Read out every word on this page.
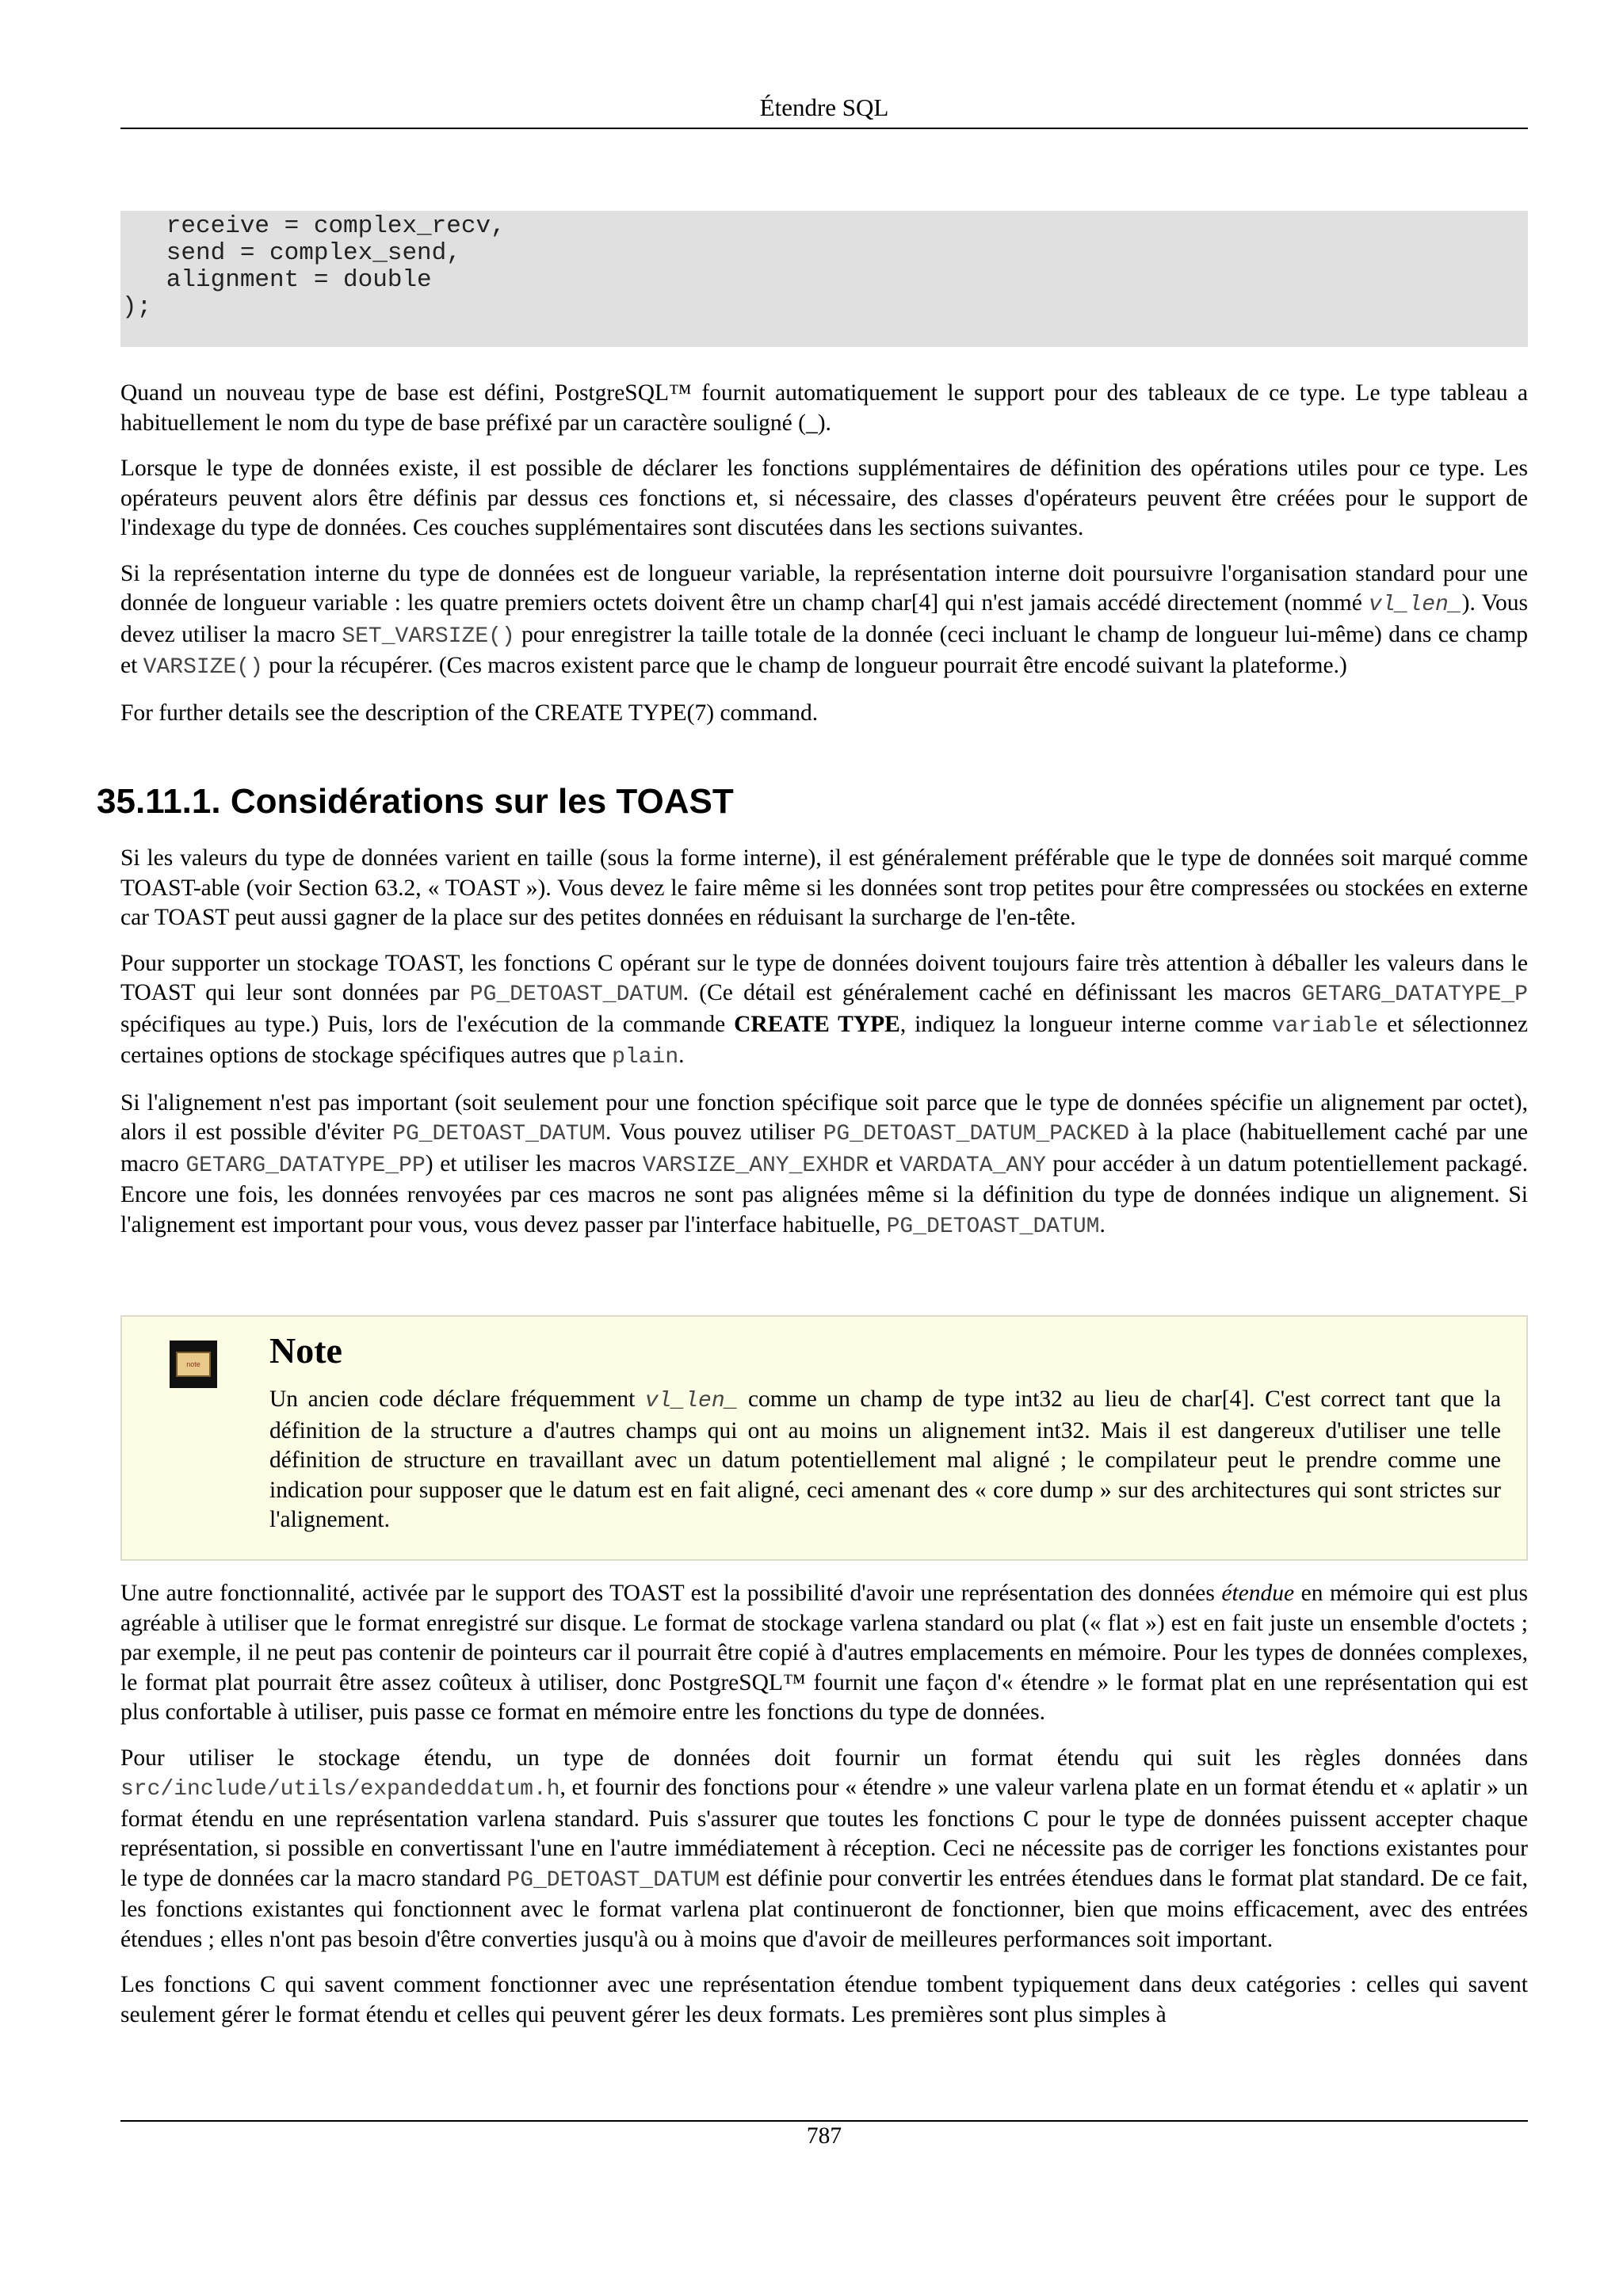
Étendre SQL
receive = complex_recv,
send = complex_send,
alignment = double
);

Quand un nouveau type de base est défini, PostgreSQL™ fournit automatiquement le support pour des tableaux de ce type. Le type tableau a habituellement le nom du type de base préfixé par un caractère souligné (_).

Lorsque le type de données existe, il est possible de déclarer les fonctions supplémentaires de définition des opérations utiles pour ce type. Les opérateurs peuvent alors être définis par dessus ces fonctions et, si nécessaire, des classes d'opérateurs peuvent être créées pour le support de l'indexage du type de données. Ces couches supplémentaires sont discutées dans les sections suivantes.

Si la représentation interne du type de données est de longueur variable, la représentation interne doit poursuivre l'organisation standard pour une donnée de longueur variable : les quatre premiers octets doivent être un champ char[4] qui n'est jamais accédé directement (nommé vl_len_). Vous devez utiliser la macro SET_VARSIZE() pour enregistrer la taille totale de la donnée (ceci incluant le champ de longueur lui-même) dans ce champ et VARSIZE() pour la récupérer. (Ces macros existent parce que le champ de longueur pourrait être encodé suivant la plateforme.)

For further details see the description of the CREATE TYPE(7) command.

35.11.1. Considérations sur les TOAST

Si les valeurs du type de données varient en taille (sous la forme interne), il est généralement préférable que le type de données soit marqué comme TOAST-able (voir Section 63.2, « TOAST »). Vous devez le faire même si les données sont trop petites pour être compressées ou stockées en externe car TOAST peut aussi gagner de la place sur des petites données en réduisant la surcharge de l'en-tête.

Pour supporter un stockage TOAST, les fonctions C opérant sur le type de données doivent toujours faire très attention à déballer les valeurs dans le TOAST qui leur sont données par PG_DETOAST_DATUM. (Ce détail est généralement caché en définissant les macros GETARG_DATATYPE_P spécifiques au type.) Puis, lors de l'exécution de la commande CREATE TYPE, indiquez la longueur interne comme variable et sélectionnez certaines options de stockage spécifiques autres que plain.

Si l'alignement n'est pas important (soit seulement pour une fonction spécifique soit parce que le type de données spécifie un alignement par octet), alors il est possible d'éviter PG_DETOAST_DATUM. Vous pouvez utiliser PG_DETOAST_DATUM_PACKED à la place (habituellement caché par une macro GETARG_DATATYPE_PP) et utiliser les macros VARSIZE_ANY_EXHDR et VARDATA_ANY pour accéder à un datum potentiellement packagé. Encore une fois, les données renvoyées par ces macros ne sont pas alignées même si la définition du type de données indique un alignement. Si l'alignement est important pour vous, vous devez passer par l'interface habituelle, PG_DETOAST_DATUM.

note Note
Un ancien code déclare fréquemment vl_len_ comme un champ de type int32 au lieu de char[4]. C'est correct tant que la définition de la structure a d'autres champs qui ont au moins un alignement int32. Mais il est dangereux d'utiliser une telle définition de structure en travaillant avec un datum potentiellement mal aligné ; le compilateur peut le prendre comme une indication pour supposer que le datum est en fait aligné, ceci amenant des « core dump » sur des architectures qui sont strictes sur l'alignement.

Une autre fonctionnalité, activée par le support des TOAST est la possibilité d'avoir une représentation des données étendue en mémoire qui est plus agréable à utiliser que le format enregistré sur disque. Le format de stockage varlena standard ou plat (« flat ») est en fait juste un ensemble d'octets ; par exemple, il ne peut pas contenir de pointeurs car il pourrait être copié à d'autres emplacements en mémoire. Pour les types de données complexes, le format plat pourrait être assez coûteux à utiliser, donc PostgreSQL™ fournit une façon d'« étendre » le format plat en une représentation qui est plus confortable à utiliser, puis passe ce format en mémoire entre les fonctions du type de données.

Pour utiliser le stockage étendu, un type de données doit fournir un format étendu qui suit les règles données dans src/include/utils/expandeddatum.h, et fournir des fonctions pour « étendre » une valeur varlena plate en un format étendu et « aplatir » un format étendu en une représentation varlena standard. Puis s'assurer que toutes les fonctions C pour le type de données puissent accepter chaque représentation, si possible en convertissant l'une en l'autre immédiatement à réception. Ceci ne nécessite pas de corriger les fonctions existantes pour le type de données car la macro standard PG_DETOAST_DATUM est définie pour convertir les entrées étendues dans le format plat standard. De ce fait, les fonctions existantes qui fonctionnent avec le format varlena plat continueront de fonctionner, bien que moins efficacement, avec des entrées étendues ; elles n'ont pas besoin d'être converties jusqu'à ou à moins que d'avoir de meilleures performances soit important.

Les fonctions C qui savent comment fonctionner avec une représentation étendue tombent typiquement dans deux catégories : celles qui savent seulement gérer le format étendu et celles qui peuvent gérer les deux formats. Les premières sont plus simples à

787
